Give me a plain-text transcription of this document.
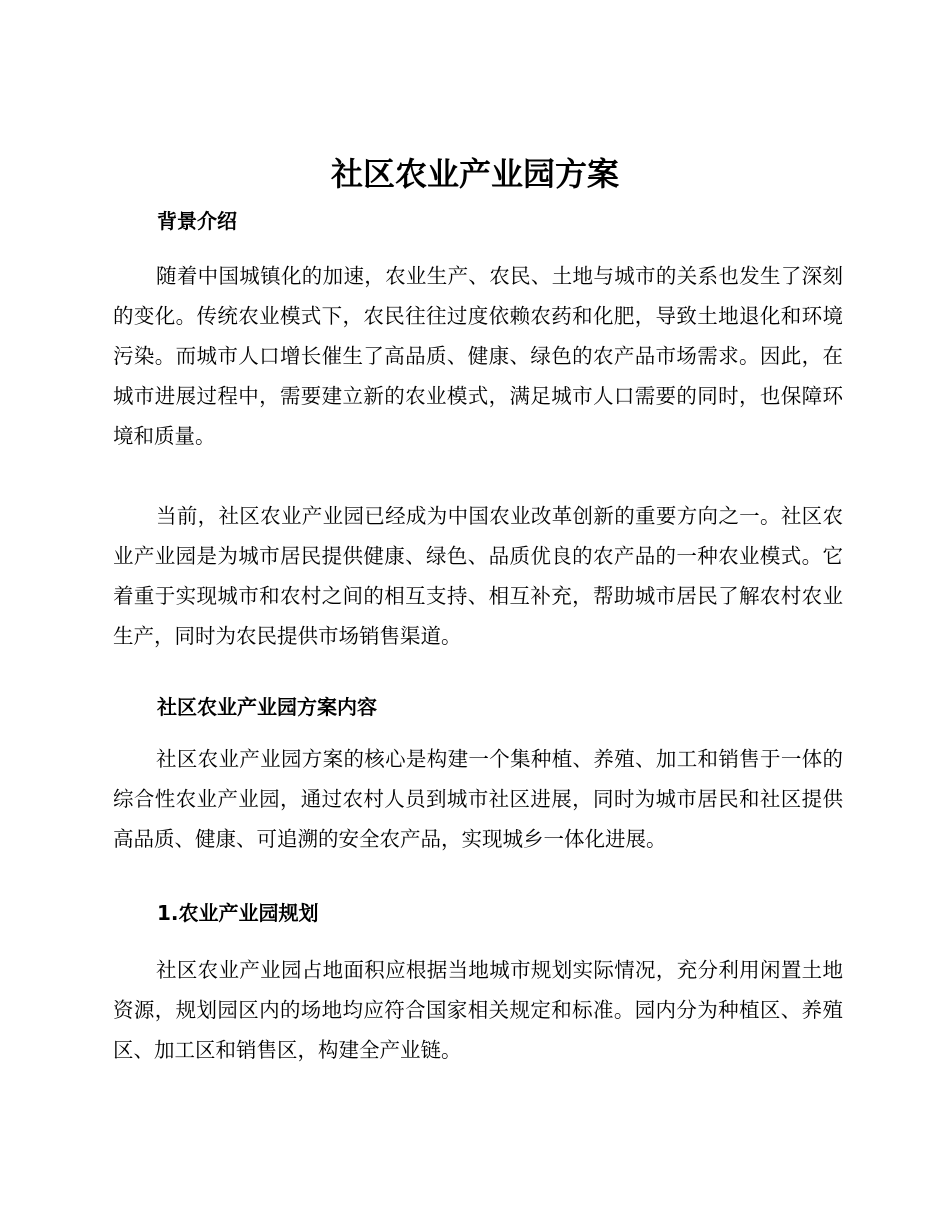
社区农业产业园方案
背景介绍

随着中国城镇化的加速，农业生产、农民、土地与城市的关系也发生了深刻的变化。传统农业模式下，农民往往过度依赖农药和化肥，导致土地退化和环境污染。而城市人口增长催生了高品质、健康、绿色的农产品市场需求。因此，在城市进展过程中，需要建立新的农业模式，满足城市人口需要的同时，也保障环境和质量。

当前，社区农业产业园已经成为中国农业改革创新的重要方向之一。社区农业产业园是为城市居民提供健康、绿色、品质优良的农产品的一种农业模式。它着重于实现城市和农村之间的相互支持、相互补充，帮助城市居民了解农村农业生产，同时为农民提供市场销售渠道。

社区农业产业园方案内容

社区农业产业园方案的核心是构建一个集种植、养殖、加工和销售于一体的综合性农业产业园，通过农村人员到城市社区进展，同时为城市居民和社区提供高品质、健康、可追溯的安全农产品，实现城乡一体化进展。

1.农业产业园规划

社区农业产业园占地面积应根据当地城市规划实际情况，充分利用闲置土地资源，规划园区内的场地均应符合国家相关规定和标准。园内分为种植区、养殖区、加工区和销售区，构建全产业链。
